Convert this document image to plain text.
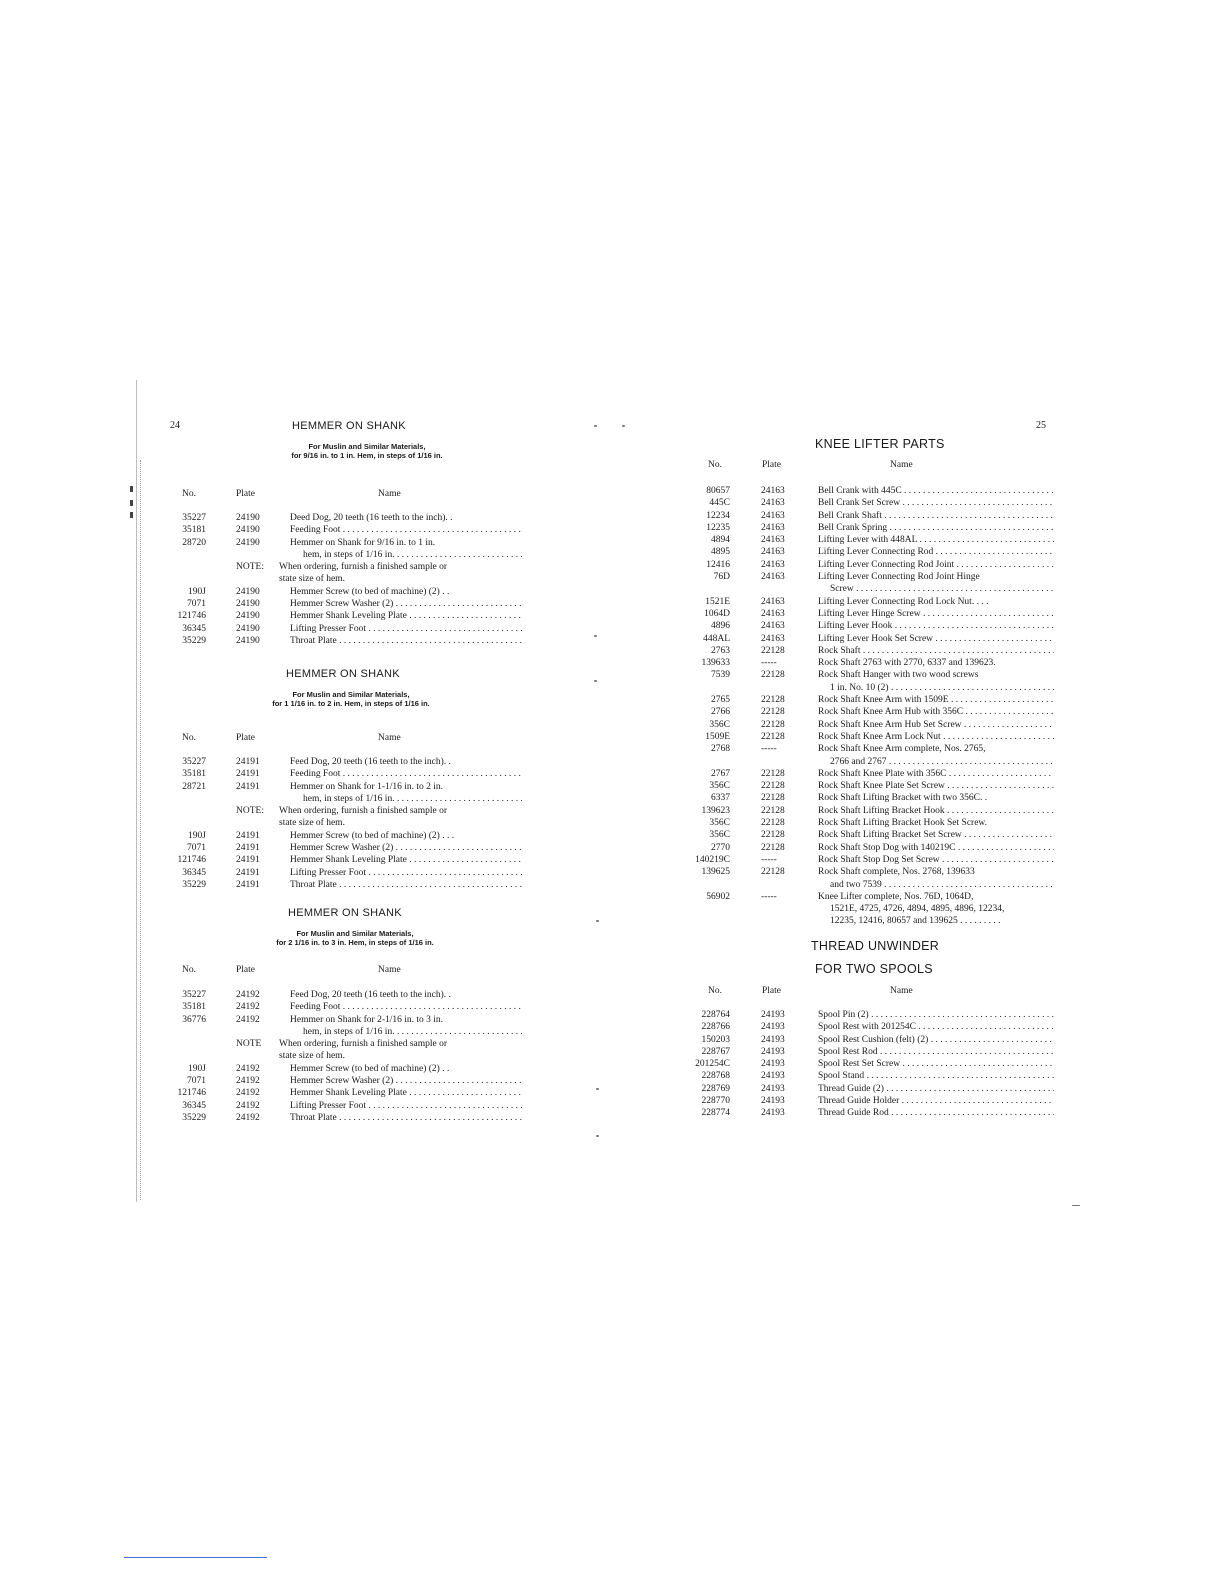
24	HEMMER ON SHANK
For Muslin and Similar Materials,
for 9/16 in. to 1 in. Hem, in steps of 1/16 in.
No.	Plate	Name
35227	24190	Deed Dog, 20 teeth (16 teeth to the inch). .
35181	24190	Feeding Foot . . .
28720	24190	Hemmer on Shank for 9/16 in. to 1 in.
hem, in steps of 1/16 in. . . .
NOTE: When ordering, furnish a finished sample or
state size of hem.
190J	24190	Hemmer Screw (to bed of machine) (2) . .
7071	24190	Hemmer Screw Washer (2) . . .
121746	24190	Hemmer Shank Leveling Plate . . .
36345	24190	Lifting Presser Foot . . .
35229	24190	Throat Plate . . .
HEMMER ON SHANK
For Muslin and Similar Materials,
for 1 1/16 in. to 2 in. Hem, in steps of 1/16 in.
No.	Plate	Name
35227	24191	Feed Dog, 20 teeth (16 teeth to the inch). .
35181	24191	Feeding Foot . . .
28721	24191	Hemmer on Shank for 1-1/16 in. to 2 in.
hem, in steps of 1/16 in. . . .
NOTE: When ordering, furnish a finished sample or
state size of hem.
190J	24191	Hemmer Screw (to bed of machine) (2) . . .
7071	24191	Hemmer Screw Washer (2) . . .
121746	24191	Hemmer Shank Leveling Plate . . .
36345	24191	Lifting Presser Foot . . .
35229	24191	Throat Plate . . .
HEMMER ON SHANK
For Muslin and Similar Materials,
for 2 1/16 in. to 3 in. Hem, in steps of 1/16 in.
No.	Plate	Name
35227	24192	Feed Dog, 20 teeth (16 teeth to the inch). .
35181	24192	Feeding Foot . . .
36776	24192	Hemmer on Shank for 2-1/16 in. to 3 in.
hem, in steps of 1/16 in. . . .
NOTE When ordering, furnish a finished sample or
state size of hem.
190J	24192	Hemmer Screw (to bed of machine) (2) . .
7071	24192	Hemmer Screw Washer (2) . . .
121746	24192	Hemmer Shank Leveling Plate . . .
36345	24192	Lifting Presser Foot . . .
35229	24192	Throat Plate . . .
25
KNEE LIFTER PARTS
No.	Plate	Name
80657	24163	Bell Crank with 445C . . .
445C	24163	Bell Crank Set Screw . . .
12234	24163	Bell Crank Shaft . . .
12235	24163	Bell Crank Spring . . .
4894	24163	Lifting Lever with 448AL . . .
4895	24163	Lifting Lever Connecting Rod . . .
12416	24163	Lifting Lever Connecting Rod Joint . . .
76D	24163	Lifting Lever Connecting Rod Joint Hinge
Screw . . .
1521E	24163	Lifting Lever Connecting Rod Lock Nut. . . .
1064D	24163	Lifting Lever Hinge Screw . . .
4896	24163	Lifting Lever Hook . . .
448AL	24163	Lifting Lever Hook Set Screw . . .
2763	22128	Rock Shaft . . .
139633	-----	Rock Shaft 2763 with 2770, 6337 and 139623.
7539	22128	Rock Shaft Hanger with two wood screws
1 in. No. 10 (2) . . .
2765	22128	Rock Shaft Knee Arm with 1509E . . .
2766	22128	Rock Shaft Knee Arm Hub with 356C . . .
356C	22128	Rock Shaft Knee Arm Hub Set Screw . . .
1509E	22128	Rock Shaft Knee Arm Lock Nut . . .
2768	-----	Rock Shaft Knee Arm complete, Nos. 2765,
2766 and 2767 . . .
2767	22128	Rock Shaft Knee Plate with 356C . . .
356C	22128	Rock Shaft Knee Plate Set Screw . . .
6337	22128	Rock Shaft Lifting Bracket with two 356C. .
139623	22128	Rock Shaft Lifting Bracket Hook . . .
356C	22128	Rock Shaft Lifting Bracket Hook Set Screw.
356C	22128	Rock Shaft Lifting Bracket Set Screw . . .
2770	22128	Rock Shaft Stop Dog with 140219C . . .
140219C	-----	Rock Shaft Stop Dog Set Screw . . .
139625	22128	Rock Shaft complete, Nos. 2768, 139633
and two 7539 . . .
56902	-----	Knee Lifter complete, Nos. 76D, 1064D,
1521E, 4725, 4726, 4894, 4895, 4896, 12234,
12235, 12416, 80657 and 139625 . . . . . . . . .
THREAD UNWINDER
FOR TWO SPOOLS
No.	Plate	Name
228764	24193	Spool Pin (2) . . .
228766	24193	Spool Rest with 201254C . . .
150203	24193	Spool Rest Cushion (felt) (2) . . .
228767	24193	Spool Rest Rod . . .
201254C	24193	Spool Rest Set Screw . . .
228768	24193	Spool Stand . . .
228769	24193	Thread Guide (2) . . .
228770	24193	Thread Guide Holder . . .
228774	24193	Thread Guide Rod . . .
